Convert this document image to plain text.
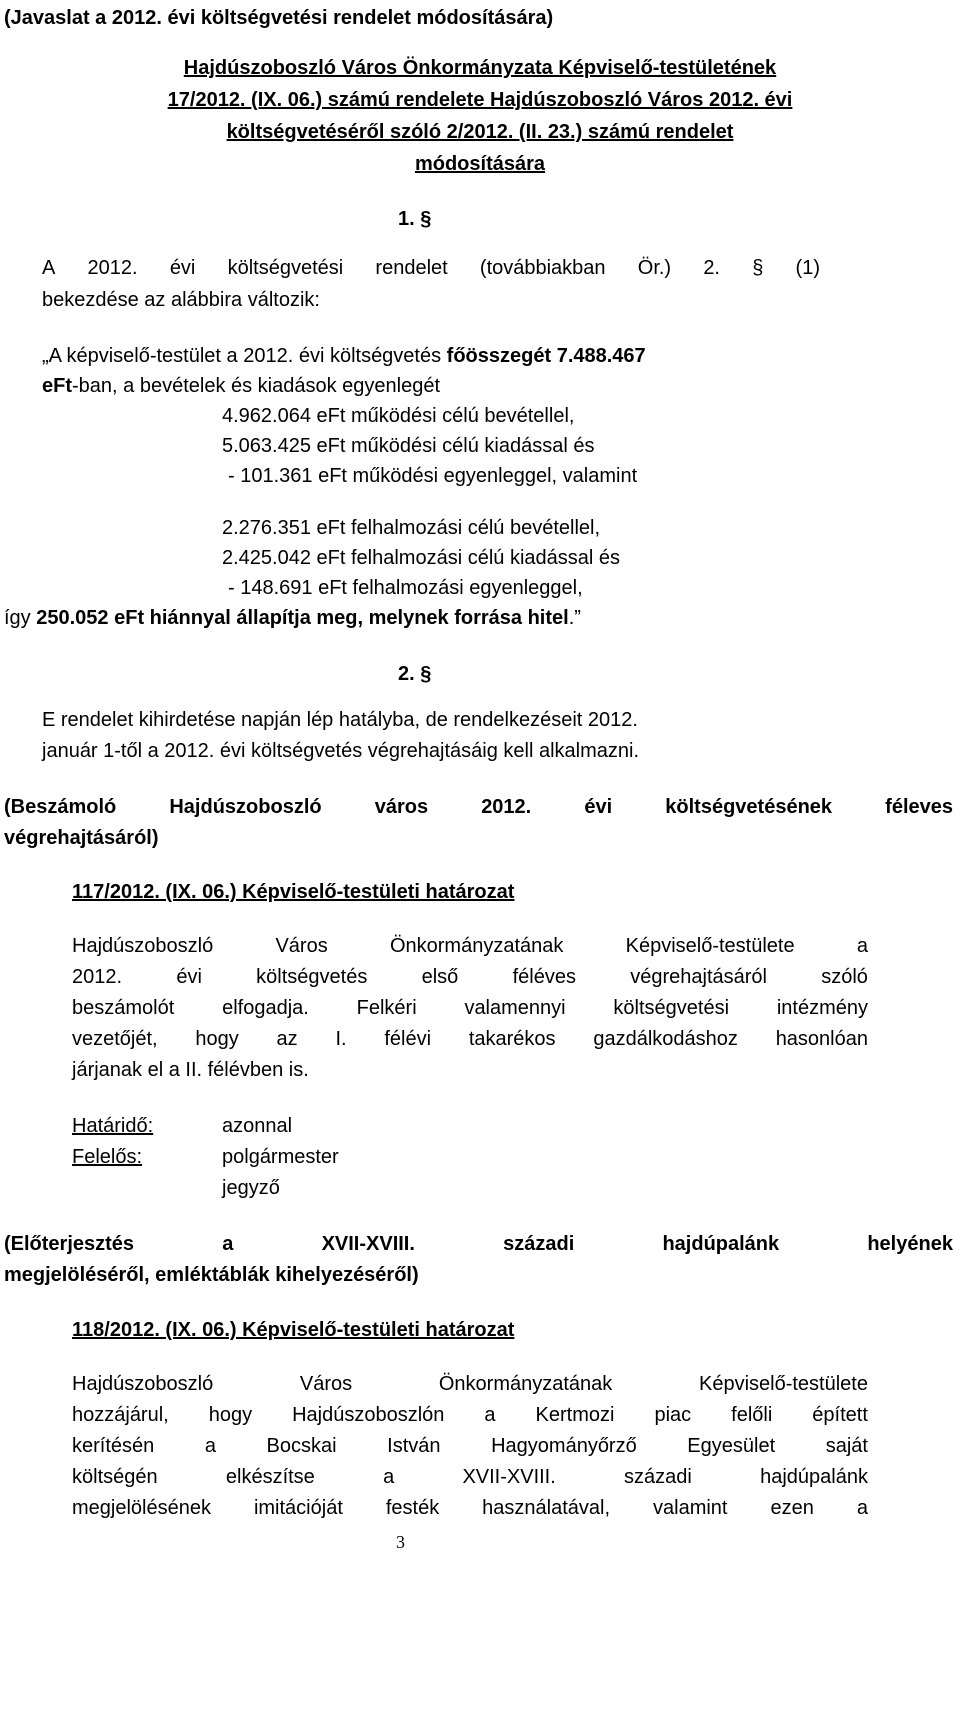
(Javaslat a 2012. évi költségvetési rendelet módosítására)
Hajdúszoboszló Város Önkormányzata Képviselő-testületének
17/2012. (IX. 06.) számú rendelete Hajdúszoboszló Város 2012. évi
költségvetéséről szóló 2/2012. (II. 23.) számú rendelet
módosítására
1. §
A 2012. évi költségvetési rendelet (továbbiakban Ör.) 2. § (1)
bekezdése az alábbira változik:
„A képviselő-testület a 2012. évi költségvetés főösszegét 7.488.467
eFt-ban, a bevételek és kiadások egyenlegét
4.962.064 eFt működési célú bevétellel,
5.063.425 eFt működési célú kiadással és
- 101.361 eFt működési egyenleggel, valamint
2.276.351 eFt felhalmozási célú bevétellel,
2.425.042 eFt felhalmozási célú kiadással és
- 148.691 eFt felhalmozási egyenleggel,
így 250.052 eFt hiánnyal állapítja meg, melynek forrása hitel.”
2. §
E rendelet kihirdetése napján lép hatályba, de rendelkezéseit 2012.
január 1-től a 2012. évi költségvetés végrehajtásáig kell alkalmazni.
(Beszámoló	Hajdúszoboszló	város	2012.	évi	költségvetésének	féleves
végrehajtásáról)
117/2012. (IX. 06.) Képviselő-testületi határozat
Hajdúszoboszló	Város	Önkormányzatának	Képviselő-testülete	a
2012.	évi	költségvetés	első	féléves	végrehajtásáról	szóló
beszámolót elfogadja. Felkéri valamennyi költségvetési intézmény
vezetőjét, hogy az I. félévi takarékos gazdálkodáshoz hasonlóan
járjanak el a II. félévben is.
Határidő:	azonnal
Felelős:	polgármester
jegyző
(Előterjesztés	a	XVII-XVIII.	századi	hajdúpalánk	helyének
megjelöléséről, emléktáblák kihelyezéséről)
118/2012. (IX. 06.) Képviselő-testületi határozat
Hajdúszoboszló	Város	Önkormányzatának	Képviselő-testülete
hozzájárul, hogy Hajdúszoboszlón a Kertmozi piac felőli épített
kerítésén	a	Bocskai	István	Hagyományőrző	Egyesület	saját
költségén	elkészítse	a	XVII-XVIII.	századi	hajdúpalánk
megjelölésének imitációját festék használatával, valamint ezen a
3
